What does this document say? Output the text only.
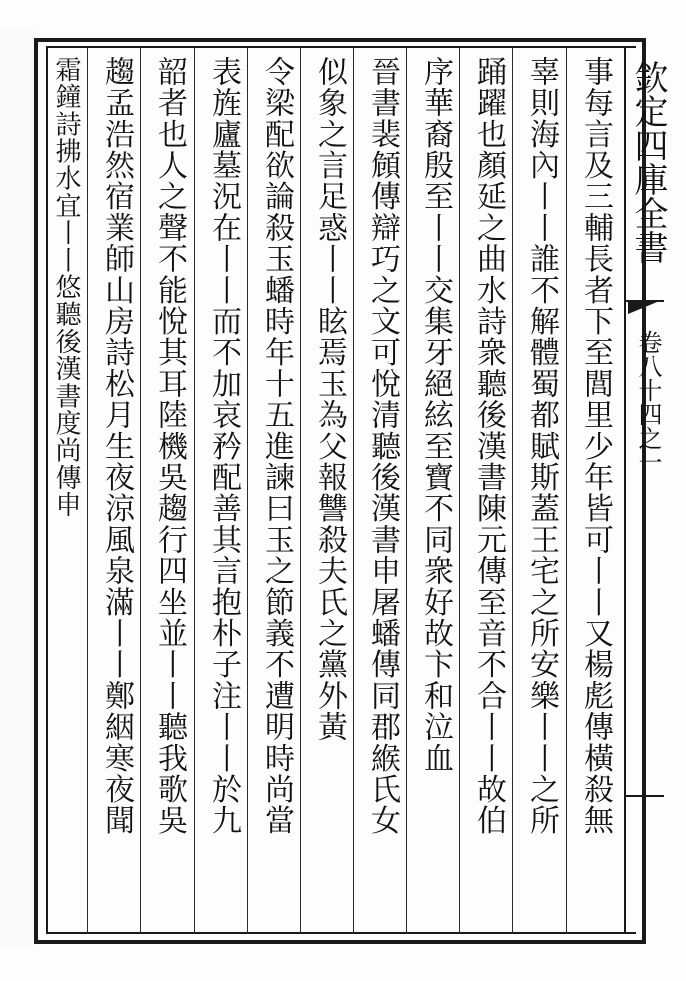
欽定四庫全書
卷八十四之一
事每言及三輔長者下至閭里少年皆可丨丨又楊彪傳橫殺無
辜則海內丨丨誰不解體蜀都賦斯蓋王宅之所安樂丨丨之所
踊躍也顏延之曲水詩衆聽後漢書陳元傳至音不合丨丨故伯
序華裔殷至丨丨交集牙絕絃至寶不同衆好故卞和泣血
晉書裴頠傳辯巧之文可悅清聽後漢書申屠蟠傳同郡緱氏女
似象之言足惑丨丨眩焉玉為父報讐殺夫氏之黨外黃
令梁配欲論殺玉蟠時年十五進諫曰玉之節義不遭明時尚當
表旌廬墓況在丨丨而不加哀矜配善其言抱朴子注丨丨於九
韶者也人之聲不能悅其耳陸機吳趨行四坐並丨丨聽我歌吳
趨孟浩然宿業師山房詩松月生夜涼風泉滿丨丨鄭絪寒夜聞
霜鐘詩拂水宜丨丨悠聽後漢書度尚傳申
